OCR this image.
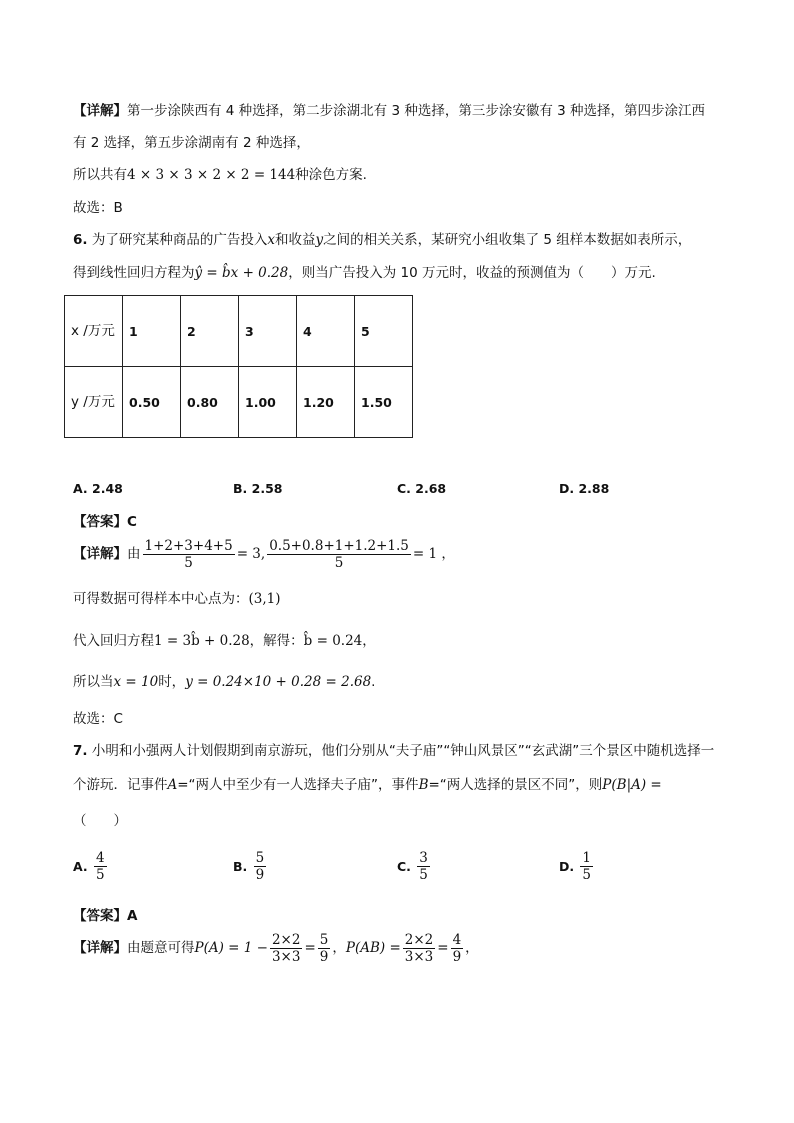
【详解】第一步涂陕西有 4 种选择，第二步涂湖北有 3 种选择，第三步涂安徽有 3 种选择，第四步涂江西
有 2 选择，第五步涂湖南有 2 种选择，
所以共有4 × 3 × 3 × 2 × 2 = 144种涂色方案.
故选：B
6. 为了研究某种商品的广告投入x和收益y之间的相关关系，某研究小组收集了 5 组样本数据如表所示，
得到线性回归方程为ŷ = b̂x + 0.28，则当广告投入为 10 万元时，收益的预测值为（　　）万元.
x /万元	1	2	3	4	5
y /万元	0.50	0.80	1.00	1.20	1.50
A. 2.48	B. 2.58	C. 2.68	D. 2.88
【答案】C
【详解】由 $\frac{1+2+3+4+5}{5} = 3$, $\frac{0.5+0.8+1+1.2+1.5}{5} = 1$ ，
可得数据可得样本中心点为：(3,1)
代入回归方程1 = 3b̂ + 0.28，解得：b̂ = 0.24，
所以当x = 10时，y = 0.24×10 + 0.28 = 2.68.
故选：C
7. 小明和小强两人计划假期到南京游玩，他们分别从“夫子庙”“钟山风景区”“玄武湖”三个景区中随机选择一
个游玩．记事件A=“两人中至少有一人选择夫子庙”，事件B=“两人选择的景区不同”，则P(B|A) =
（　　）
A. $\frac{4}{5}$	B. $\frac{5}{9}$	C. $\frac{3}{5}$	D. $\frac{1}{5}$
【答案】A
【详解】由题意可得$P(A) = 1 - \frac{2\times 2}{3\times 3} = \frac{5}{9}$ ，$P(AB) = \frac{2\times 2}{3\times 3} = \frac{4}{9}$ ，
